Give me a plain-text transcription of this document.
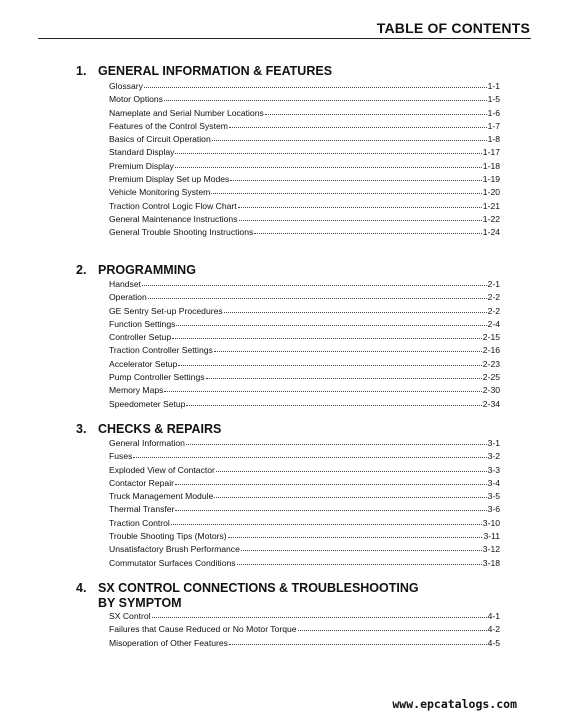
TABLE OF CONTENTS
1. GENERAL INFORMATION & FEATURES
Glossary	1-1
Motor Options	1-5
Nameplate and Serial Number Locations	1-6
Features of the Control System	1-7
Basics of Circuit Operation	1-8
Standard Display	1-17
Premium Display	1-18
Premium Display Set up Modes	1-19
Vehicle Monitoring System	1-20
Traction Control Logic Flow Chart	1-21
General Maintenance Instructions	1-22
General Trouble Shooting Instructions	1-24
2. PROGRAMMING
Handset	2-1
Operation	2-2
GE Sentry Set-up Procedures	2-2
Function Settings	2-4
Controller Setup	2-15
Traction Controller Settings	2-16
Accelerator Setup	2-23
Pump Controller Settings	2-25
Memory Maps	2-30
Speedometer Setup	2-34
3. CHECKS & REPAIRS
General Information	3-1
Fuses	3-2
Exploded View of Contactor	3-3
Contactor Repair	3-4
Truck Management Module	3-5
Thermal Transfer	3-6
Traction Control	3-10
Trouble Shooting Tips (Motors)	3-11
Unsatisfactory Brush Performance	3-12
Commutator Surfaces Conditions	3-18
4. SX CONTROL CONNECTIONS & TROUBLESHOOTING
BY SYMPTOM
SX Control	4-1
Failures that Cause Reduced or No Motor Torque	4-2
Misoperation of Other Features	4-5
www.epcatalogs.com
